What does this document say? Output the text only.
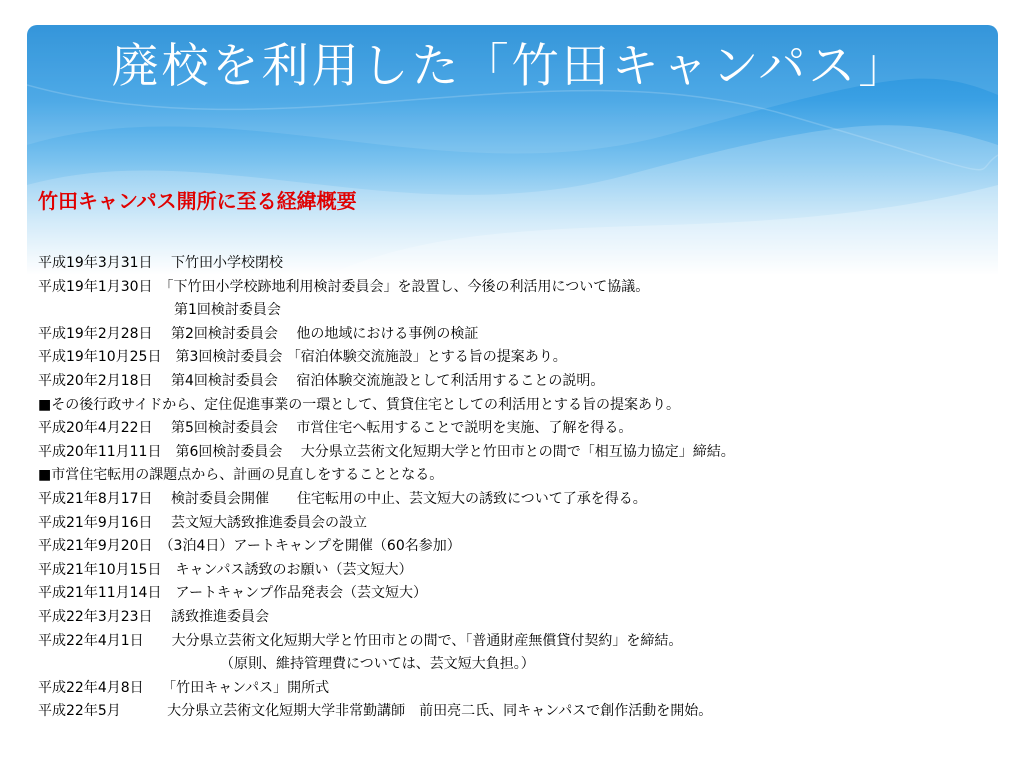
廃校を利用した「竹田キャンパス」
竹田キャンパス開所に至る経緯概要
平成19年3月31日　 下竹田小学校閉校
平成19年1月30日　「下竹田小学校跡地利用検討委員会」を設置し、今後の利活用について協議。
第1回検討委員会
平成19年2月28日　 第2回検討委員会　 他の地域における事例の検証
平成19年10月25日　第3回検討委員会 「宿泊体験交流施設」とする旨の提案あり。
平成20年2月18日　 第4回検討委員会　 宿泊体験交流施設として利活用することの説明。
■その後行政サイドから、定住促進事業の一環として、賃貸住宅としての利活用とする旨の提案あり。
平成20年4月22日　 第5回検討委員会　 市営住宅へ転用することで説明を実施、了解を得る。
平成20年11月11日　第6回検討委員会　 大分県立芸術文化短期大学と竹田市との間で「相互協力協定」締結。
■市営住宅転用の課題点から、計画の見直しをすることとなる。
平成21年8月17日　 検討委員会開催　　住宅転用の中止、芸文短大の誘致について了承を得る。
平成21年9月16日　 芸文短大誘致推進委員会の設立
平成21年9月20日　（3泊4日）アートキャンプを開催（60名参加）
平成21年10月15日　キャンパス誘致のお願い（芸文短大）
平成21年11月14日　アートキャンプ作品発表会（芸文短大）
平成22年3月23日　 誘致推進委員会
平成22年4月1日　　大分県立芸術文化短期大学と竹田市との間で、「普通財産無償貸付契約」を締結。
（原則、維持管理費については、芸文短大負担。）
平成22年4月8日　 「竹田キャンパス」開所式
平成22年5月　　　 大分県立芸術文化短期大学非常勤講師　前田亮二氏、同キャンパスで創作活動を開始。
